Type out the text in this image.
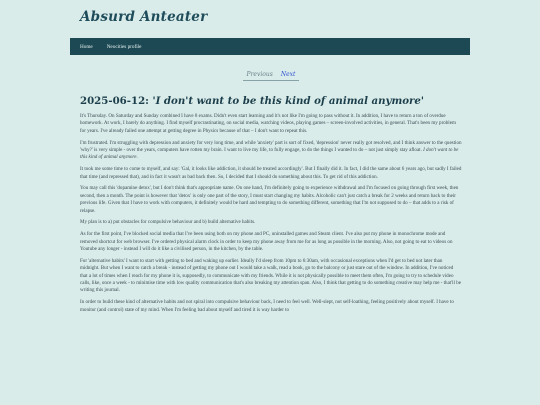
Absurd Anteater
Home	Neocities profile
Previous Next
2025-06-12: 'I don't want to be this kind of animal anymore'

It's Thursday. On Saturday and Sunday combined I have 8 exams. Didn't even start learning and it's not like I'm going to pass without it. In addition, I have to return a ton of overdue homework. At work, I barely do anything. I find myself procrastinating, on social media, watching videos, playing games – screen-involved activities, in general. That's been my problem for years. I've already failed one attempt at getting degree in Physics because of that – I don't want to repeat this.

I'm frustrated. I'm struggling with depression and anxiety for very long time, and while 'anxiety' part is sort of fixed, 'depression' never really got resolved, and I think answer to the question 'why?' is very simple - over the years, computers have rotten my brain. I want to live my life, to fully engage, to do the things I wanted to do – not just simply stay afloat. I don't want to be this kind of animal anymore.

It took me some time to come to myself, and say: 'Gal, it looks like addiction, it should be treated accordingly'. But I finally did it. In fact, I did the same about 6 years ago, but sadly I failed that time (and repressed that), and in fact it wasn't as bad back then. So, I decided that I should do something about this. To get rid of this addiction.

You may call this 'dopamine detox', but I don't think that's appropriate name. On one hand, I'm definitely going to experience withdrawal and I'm focused on going through first week, then second, then a month. The point is however that 'detox' is only one part of the story, I must start changing my habits. Alcoholic can't just catch a break for 2 weeks and return back to their previous life. Given that I have to work with computers, it definitely would be hard and tempting to do something different, something that I'm not supposed to do – that adds to a risk of relapse.

My plan is to a) put obstacles for compulsive behaviour and b) build alternative habits.

As for the first point, I've blocked social media that I've been using both on my phone and PC, uninstalled games and Steam client. I've also put my phone in monochrome mode and removed shortcut for web browser. I've ordered physical alarm clock in order to keep my phone away from me for as long as possible in the morning. Also, not going to eat to videos on Youtube any longer - instead I will do it like a civilised person, in the kitchen, by the table.

For 'alternative habits' I want to start with getting to bed and waking up earlier. Ideally I'd sleep from 10pm to 6:30am, with occasional exceptions when I'd get to bed not later than midnight. But when I want to catch a break - instead of getting my phone out I would take a walk, read a book, go to the balcony or just stare out of the window. In addition, I've noticed that a lot of times when I reach for my phone it is, supposedly, to communicate with my friends. While it is not physically possible to meet them often, I'm going to try to schedule video calls, like, once a week - to minimise time with low quality communication that's also breaking my attention span. Also, I think that getting to do something creative may help me - that'll be writing this journal.

In order to build these kind of alternative habits and not spiral into compulsive behaviour back, I need to feel well. Well-slept, not self-loathing, feeling positively about myself. I have to monitor (and control) state of my mind. When I'm feeling bad about myself and tired it is way harder to
